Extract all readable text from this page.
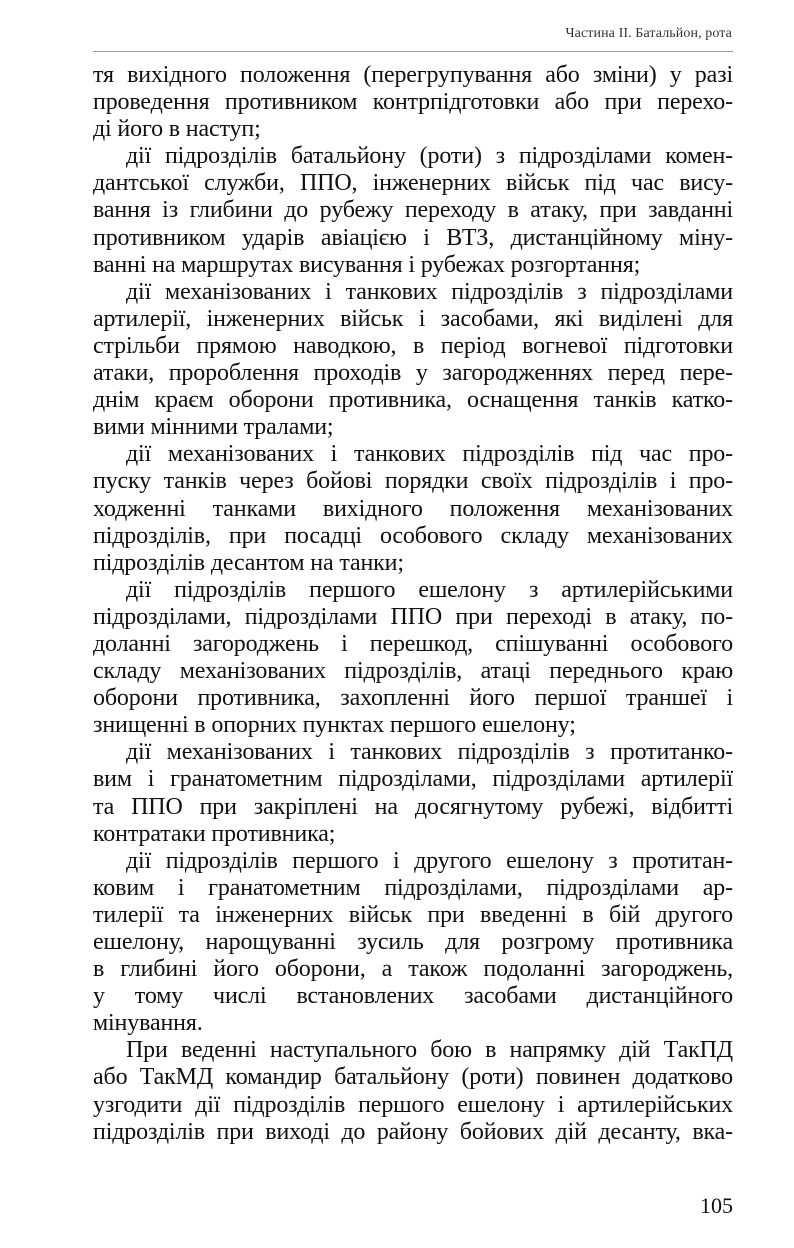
Частина ІІ. Батальйон, рота
тя вихідного положення (перегрупування або зміни) у разі
проведення противником контрпідготовки або при перехо-
ді його в наступ;
дії підрозділів батальйону (роти) з підрозділами комен-
дантської служби, ППО, інженерних військ під час вису-
вання із глибини до рубежу переходу в атаку, при завданні
противником ударів авіацією і ВТЗ, дистанційному міну-
ванні на маршрутах висування і рубежах розгортання;
дії механізованих і танкових підрозділів з підрозділами
артилерії, інженерних військ і засобами, які виділені для
стрільби прямою наводкою, в період вогневої підготовки
атаки, пророблення проходів у загородженнях перед пере-
днім краєм оборони противника, оснащення танків катко-
вими мінними тралами;
дії механізованих і танкових підрозділів під час про-
пуску танків через бойові порядки своїх підрозділів і про-
ходженні танками вихідного положення механізованих
підрозділів, при посадці особового складу механізованих
підрозділів десантом на танки;
дії підрозділів першого ешелону з артилерійськими
підрозділами, підрозділами ППО при переході в атаку, по-
доланні загороджень і перешкод, спішуванні особового
складу механізованих підрозділів, атаці переднього краю
оборони противника, захопленні його першої траншеї і
знищенні в опорних пунктах першого ешелону;
дії механізованих і танкових підрозділів з протитанко-
вим і гранатометним підрозділами, підрозділами артилерії
та ППО при закріплені на досягнутому рубежі, відбитті
контратаки противника;
дії підрозділів першого і другого ешелону з протитан-
ковим і гранатометним підрозділами, підрозділами ар-
тилерії та інженерних військ при введенні в бій другого
ешелону, нарощуванні зусиль для розгрому противника
в глибині його оборони, а також подоланні загороджень,
у тому числі встановлених засобами дистанційного
мінування.
При веденні наступального бою в напрямку дій ТакПД
або ТакМД командир батальйону (роти) повинен додатково
узгодити дії підрозділів першого ешелону і артилерійських
підрозділів при виході до району бойових дій десанту, вка-
105
